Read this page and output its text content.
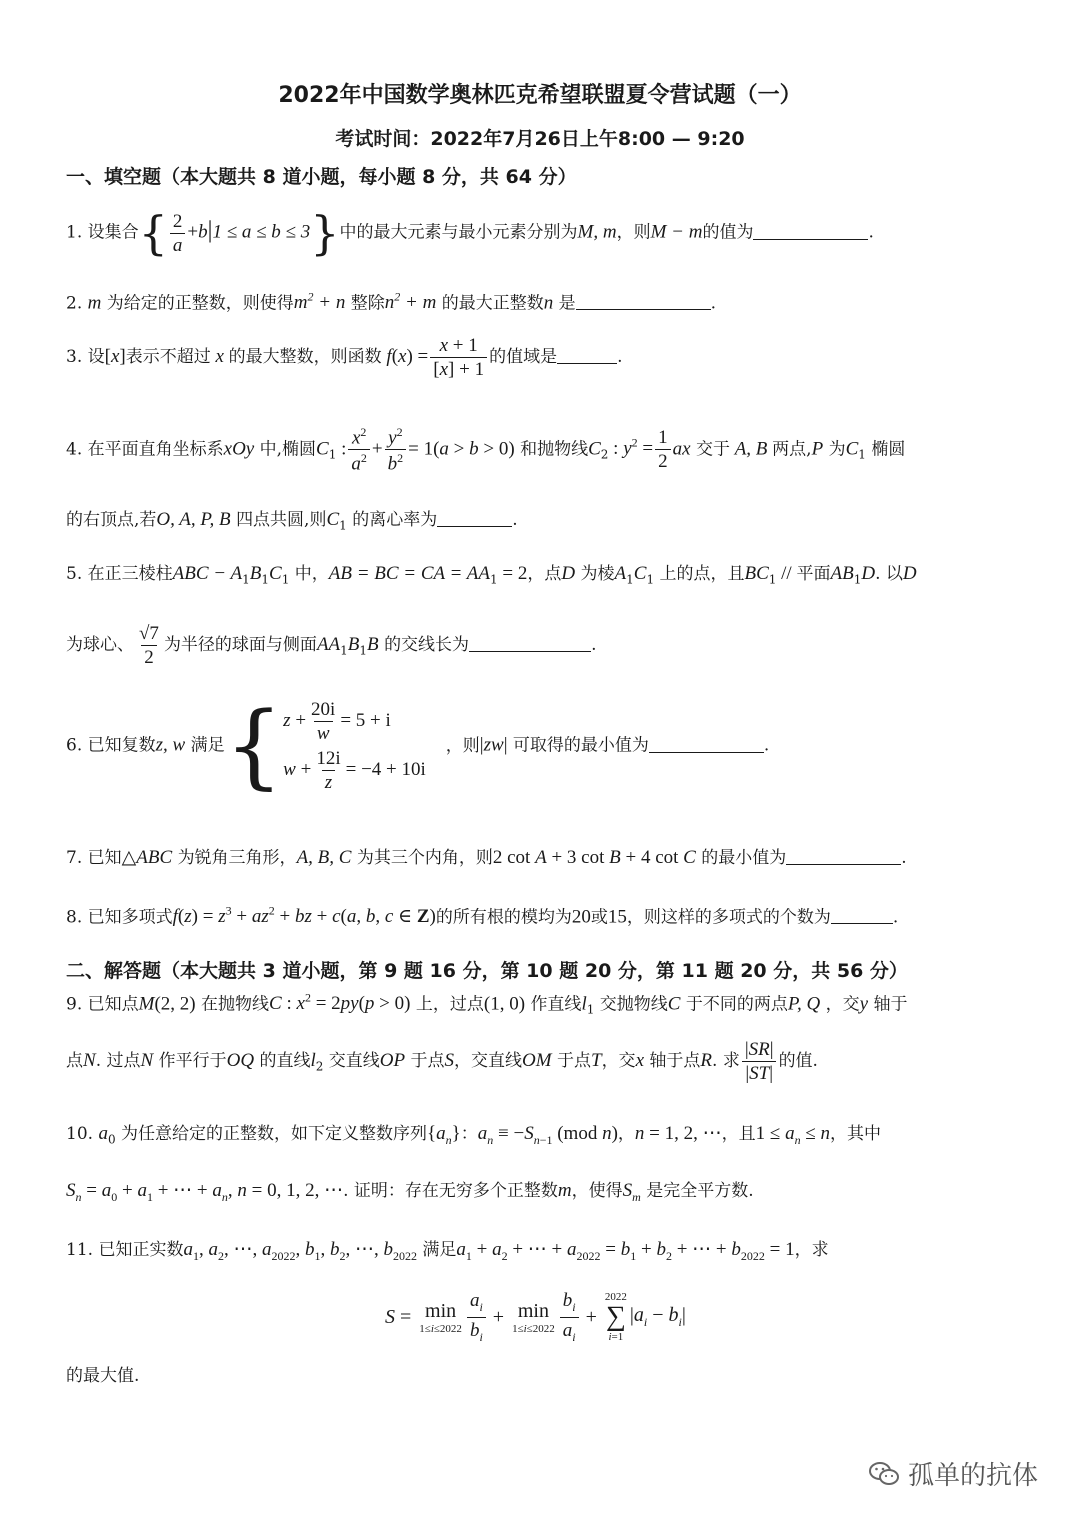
2022年中国数学奥林匹克希望联盟夏令营试题（一）
考试时间：2022年7月26日上午8:00 — 9:20
一、填空题（本大题共 8 道小题，每小题 8 分，共 64 分）
1. 设集合{ $\frac{2}{a} +b|1 \le a \le b \le 3$}中的最大元素与最小元素分别为M, m，则M − m的值为	.
2. m 为给定的正整数，则使得$m^2 + n$ 整除$n^2 + m$ 的最大正整数n 是	.
3. 设[x]表示不超过 x 的最大整数，则函数 $f(x) = \frac{x + 1}{[x] + 1}$ 的值域是	.
4. 在平面直角坐标系xOy 中,椭圆$C_1$ : $\frac{x^2}{a^2} + \frac{y^2}{b^2} = 1(a > b > 0)$ 和抛物线$C_2$ : $y^2 = \frac{1}{2}$ ax 交于 A, B 两点,P 为$C_1$ 椭圆
的右顶点,若O, A, P, B 四点共圆,则$C_1$ 的离心率为	.
5. 在正三棱柱ABC − $A_1B_1C_1$ 中，AB = BC = CA = $AA_1 = 2$，点D 为棱$A_1C_1$ 上的点，且$BC_1$ // 平面$AB_1D$. 以D
为球心、 $\frac{√7}{2}$ 为半径的球面与侧面$AA_1B_1B$ 的交线长为	.
6. 已知复数z, w 满足 { $z + \frac{20i}{w} = 5 + i$
$w + \frac{12i}{z} = -4 + 10i$
，则|zw| 可取得的最小值为	.
7. 已知△ABC 为锐角三角形，A, B, C 为其三个内角，则2 cot A + 3 cot B + 4 cot C 的最小值为	.
8. 已知多项式$f(z) = z^3 + az^2$ + bz + c(a, b, c ∈ Z)的所有根的模均为20或15，则这样的多项式的个数为	.
二、解答题（本大题共 3 道小题，第 9 题 16 分，第 10 题 20 分，第 11 题 20 分，共 56 分）
9. 已知点M(2, 2) 在抛物线C : $x^2 = 2py(p > 0)$ 上，过点(1, 0) 作直线$l_1$ 交抛物线C 于不同的两点P, Q ，交y 轴于
点N. 过点N 作平行于OQ 的直线$l_2$ 交直线OP 于点S，交直线OM 于点T，交x 轴于点R. 求 $\frac{|SR|}{|ST|}$ 的值.
10. $a_0$ 为任意给定的正整数，如下定义整数序列$\{a_n\}$：$a_n \equiv -S_{n-1}$ (mod n)，n = 1, 2, ⋯，且$1 \le a_n \le n$，其中
$S_n = a_0 + a_1$ + ⋯ + $a_n$, n = 0, 1, 2, ⋯. 证明：存在无穷多个正整数m，使得$S_m$ 是完全平方数.
11. 已知正实数$a_1$, $a_2$, ⋯, $a_{2022}$, $b_1$, $b_2$, ⋯, $b_{2022}$ 满足$a_1 + a_2$ + ⋯ + $a_{2022} = b_1 + b_2$ + ⋯ + $b_{2022} = 1$，求
S = min
$1\le i\le 2022 \frac{a_i}{b_i} + \min$
$1\le i\le 2022 \frac{b_i}{a_i}$ +
2022
∑
i=1
$|a_i - b_i|$
的最大值.
孤单的抗体
